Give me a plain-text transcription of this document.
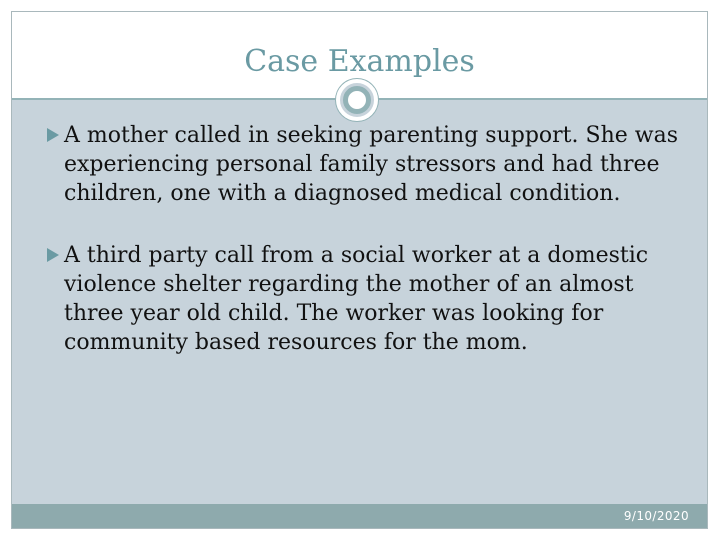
Case Examples
A mother called in seeking parenting support. She was experiencing personal family stressors and had three children, one with a diagnosed medical condition.
A third party call from a social worker at a domestic violence shelter regarding the mother of an almost three year old child. The worker was looking for community based resources for the mom.
9/10/2020
